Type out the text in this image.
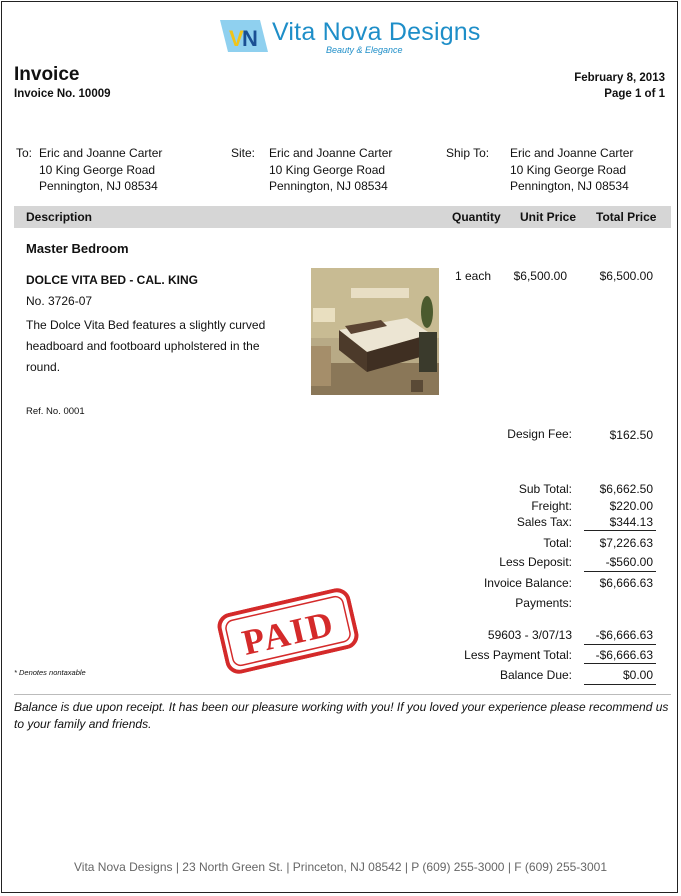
V
N Vita Nova Designs
Beauty & Elegance
Invoice
Invoice No. 10009
February 8, 2013
Page 1 of 1
To: Eric and Joanne Carter
10 King George Road
Pennington, NJ 08534
Site: Eric and Joanne Carter
10 King George Road
Pennington, NJ 08534
Ship To: Eric and Joanne Carter
10 King George Road
Pennington, NJ 08534
Description	Quantity Unit Price Total Price
Master Bedroom
DOLCE VITA BED - CAL. KING
No. 3726-07
The Dolce Vita Bed features a slightly curved headboard and footboard upholstered in the round.
1 each $6,500.00	$6,500.00
Ref. No. 0001
Design Fee:	$162.50
Sub Total: $6,662.50
Freight:	$220.00
Sales Tax:	$344.13
Total: $7,226.63
Less Deposit:	-$560.00
Invoice Balance: $6,666.63
Payments:
59603 - 3/07/13 -$6,666.63
Less Payment Total: -$6,666.63
Balance Due:	$0.00
PAID
* Denotes nontaxable
Balance is due upon receipt. It has been our pleasure working with you! If you loved your experience please recommend us to your family and friends.
Vita Nova Designs | 23 North Green St. | Princeton, NJ 08542 | P (609) 255-3000 | F (609) 255-3001
